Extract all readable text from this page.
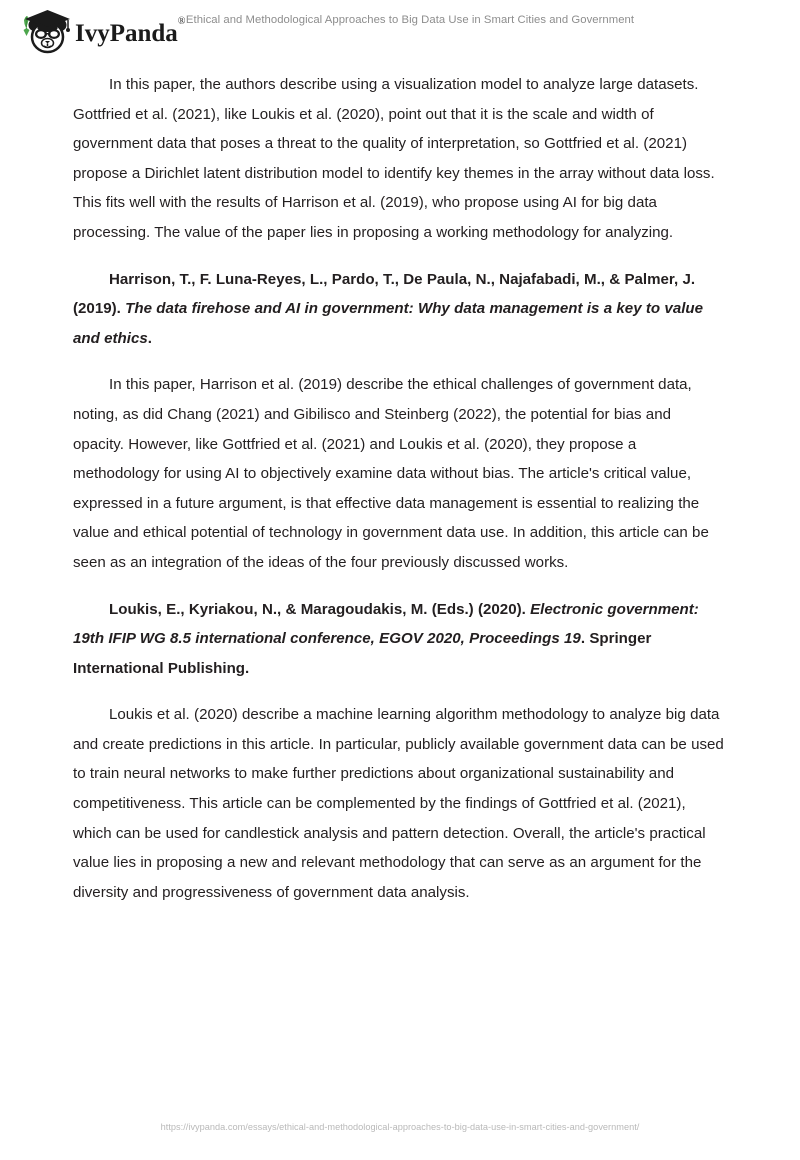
IvyPanda® Ethical and Methodological Approaches to Big Data Use in Smart Cities and Government

In this paper, the authors describe using a visualization model to analyze large datasets. Gottfried et al. (2021), like Loukis et al. (2020), point out that it is the scale and width of government data that poses a threat to the quality of interpretation, so Gottfried et al. (2021) propose a Dirichlet latent distribution model to identify key themes in the array without data loss. This fits well with the results of Harrison et al. (2019), who propose using AI for big data processing. The value of the paper lies in proposing a working methodology for analyzing.

Harrison, T., F. Luna-Reyes, L., Pardo, T., De Paula, N., Najafabadi, M., & Palmer, J. (2019). The data firehose and AI in government: Why data management is a key to value and ethics.

In this paper, Harrison et al. (2019) describe the ethical challenges of government data, noting, as did Chang (2021) and Gibilisco and Steinberg (2022), the potential for bias and opacity. However, like Gottfried et al. (2021) and Loukis et al. (2020), they propose a methodology for using AI to objectively examine data without bias. The article's critical value, expressed in a future argument, is that effective data management is essential to realizing the value and ethical potential of technology in government data use. In addition, this article can be seen as an integration of the ideas of the four previously discussed works.

Loukis, E., Kyriakou, N., & Maragoudakis, M. (Eds.) (2020). Electronic government: 19th IFIP WG 8.5 international conference, EGOV 2020, Proceedings 19. Springer International Publishing.

Loukis et al. (2020) describe a machine learning algorithm methodology to analyze big data and create predictions in this article. In particular, publicly available government data can be used to train neural networks to make further predictions about organizational sustainability and competitiveness. This article can be complemented by the findings of Gottfried et al. (2021), which can be used for candlestick analysis and pattern detection. Overall, the article's practical value lies in proposing a new and relevant methodology that can serve as an argument for the diversity and progressiveness of government data analysis.

https://ivypanda.com/essays/ethical-and-methodological-approaches-to-big-data-use-in-smart-cities-and-government/
